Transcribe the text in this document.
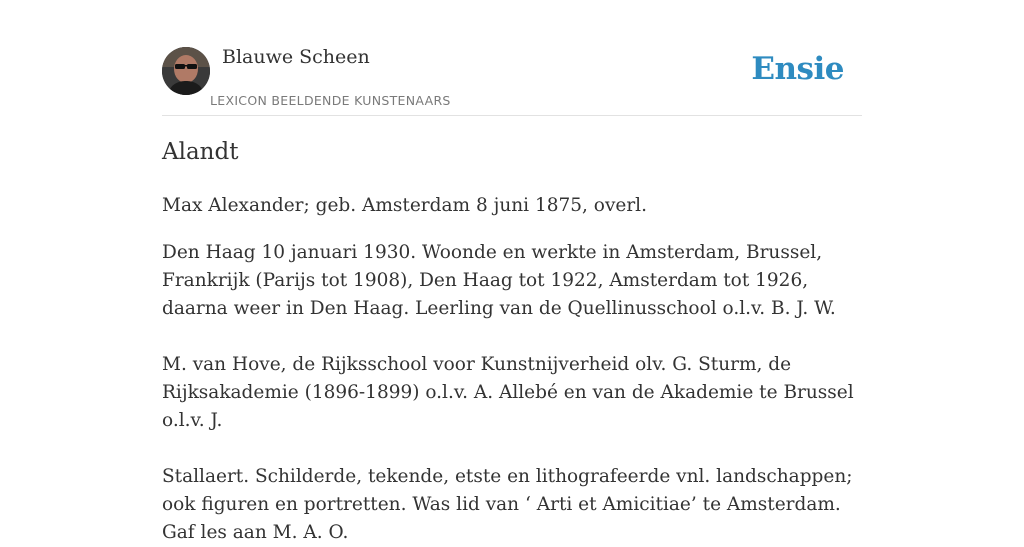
Blauwe Scheen
LEXICON BEELDENDE KUNSTENAARS
Ensie
Alandt

Max Alexander; geb. Amsterdam 8 juni 1875, overl.

Den Haag 10 januari 1930. Woonde en werkte in Amsterdam, Brussel, Frankrijk (Parijs tot 1908), Den Haag tot 1922, Amsterdam tot 1926, daarna weer in Den Haag. Leerling van de Quellinusschool o.l.v. B. J. W.

M. van Hove, de Rijksschool voor Kunstnijverheid olv. G. Sturm, de Rijksakademie (1896-1899) o.l.v. A. Allebé en van de Akademie te Brussel o.l.v. J.

Stallaert. Schilderde, tekende, etste en lithografeerde vnl. landschappen; ook figuren en portretten. Was lid van ‘ Arti et Amicitiae’ te Amsterdam. Gaf les aan M. A. O.
